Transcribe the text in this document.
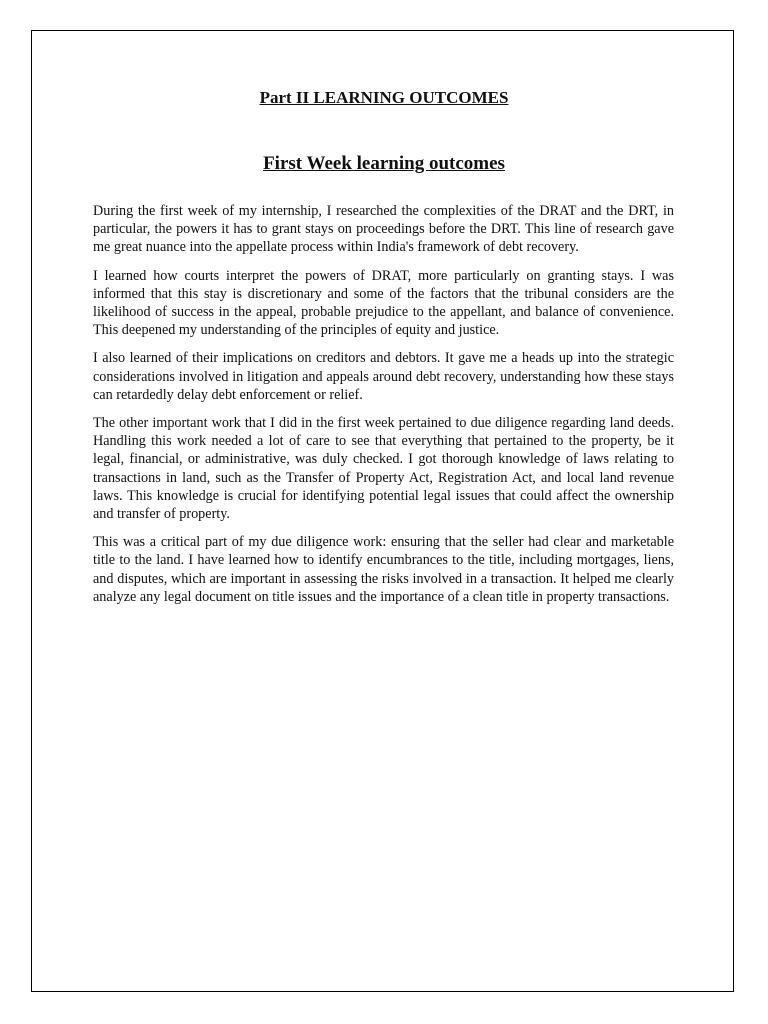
Part II LEARNING OUTCOMES
First Week learning outcomes

During the first week of my internship, I researched the complexities of the DRAT and the DRT, in particular, the powers it has to grant stays on proceedings before the DRT. This line of research gave me great nuance into the appellate process within India's framework of debt recovery.

I learned how courts interpret the powers of DRAT, more particularly on granting stays. I was informed that this stay is discretionary and some of the factors that the tribunal considers are the likelihood of success in the appeal, probable prejudice to the appellant, and balance of convenience. This deepened my understanding of the principles of equity and justice.

I also learned of their implications on creditors and debtors. It gave me a heads up into the strategic considerations involved in litigation and appeals around debt recovery, understanding how these stays can retardedly delay debt enforcement or relief.

The other important work that I did in the first week pertained to due diligence regarding land deeds. Handling this work needed a lot of care to see that everything that pertained to the property, be it legal, financial, or administrative, was duly checked. I got thorough knowledge of laws relating to transactions in land, such as the Transfer of Property Act, Registration Act, and local land revenue laws. This knowledge is crucial for identifying potential legal issues that could affect the ownership and transfer of property.

This was a critical part of my due diligence work: ensuring that the seller had clear and marketable title to the land. I have learned how to identify encumbrances to the title, including mortgages, liens, and disputes, which are important in assessing the risks involved in a transaction. It helped me clearly analyze any legal document on title issues and the importance of a clean title in property transactions.
